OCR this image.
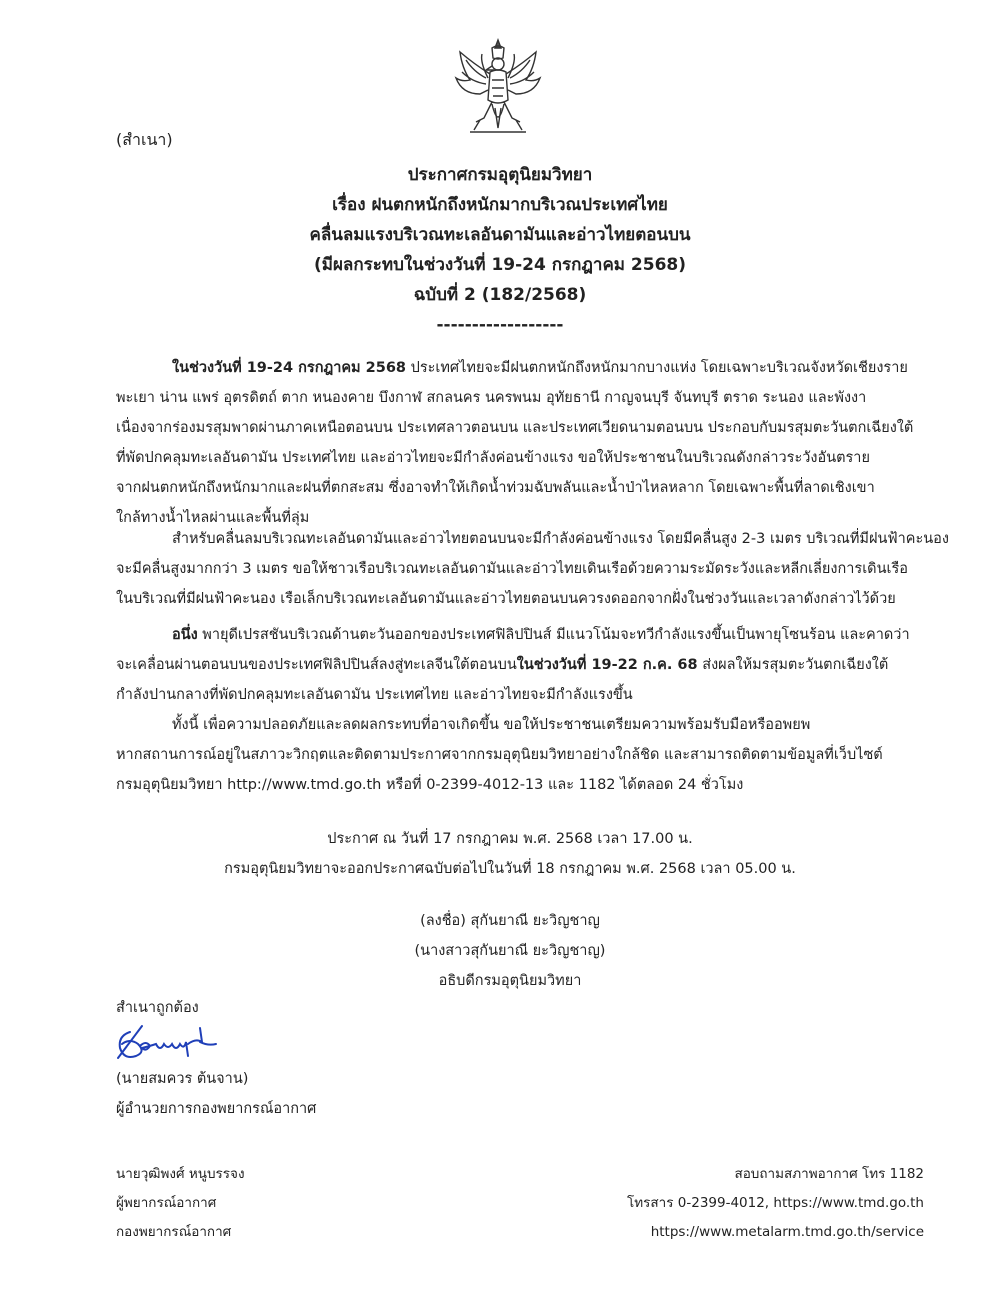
(สำเนา)
ประกาศกรมอุตุนิยมวิทยา
เรื่อง ฝนตกหนักถึงหนักมากบริเวณประเทศไทย
คลื่นลมแรงบริเวณทะเลอันดามันและอ่าวไทยตอนบน
(มีผลกระทบในช่วงวันที่ 19-24 กรกฎาคม 2568)
ฉบับที่ 2 (182/2568)
------------------
ในช่วงวันที่ 19-24 กรกฎาคม 2568 ประเทศไทยจะมีฝนตกหนักถึงหนักมากบางแห่ง โดยเฉพาะบริเวณจังหวัดเชียงราย
พะเยา น่าน แพร่ อุตรดิตถ์ ตาก หนองคาย บึงกาฬ สกลนคร นครพนม อุทัยธานี กาญจนบุรี จันทบุรี ตราด ระนอง และพังงา
เนื่องจากร่องมรสุมพาดผ่านภาคเหนือตอนบน ประเทศลาวตอนบน และประเทศเวียดนามตอนบน ประกอบกับมรสุมตะวันตกเฉียงใต้
ที่พัดปกคลุมทะเลอันดามัน ประเทศไทย และอ่าวไทยจะมีกำลังค่อนข้างแรง ขอให้ประชาชนในบริเวณดังกล่าวระวังอันตราย
จากฝนตกหนักถึงหนักมากและฝนที่ตกสะสม ซึ่งอาจทำให้เกิดน้ำท่วมฉับพลันและน้ำป่าไหลหลาก โดยเฉพาะพื้นที่ลาดเชิงเขา
ใกล้ทางน้ำไหลผ่านและพื้นที่ลุ่ม
สำหรับคลื่นลมบริเวณทะเลอันดามันและอ่าวไทยตอนบนจะมีกำลังค่อนข้างแรง โดยมีคลื่นสูง 2-3 เมตร บริเวณที่มีฝนฟ้าคะนอง
จะมีคลื่นสูงมากกว่า 3 เมตร ขอให้ชาวเรือบริเวณทะเลอันดามันและอ่าวไทยเดินเรือด้วยความระมัดระวังและหลีกเลี่ยงการเดินเรือ
ในบริเวณที่มีฝนฟ้าคะนอง เรือเล็กบริเวณทะเลอันดามันและอ่าวไทยตอนบนควรงดออกจากฝั่งในช่วงวันและเวลาดังกล่าวไว้ด้วย
อนึ่ง พายุดีเปรสชันบริเวณด้านตะวันออกของประเทศฟิลิปปินส์ มีแนวโน้มจะทวีกำลังแรงขึ้นเป็นพายุโซนร้อน และคาดว่า
จะเคลื่อนผ่านตอนบนของประเทศฟิลิปปินส์ลงสู่ทะเลจีนใต้ตอนบนในช่วงวันที่ 19-22 ก.ค. 68 ส่งผลให้มรสุมตะวันตกเฉียงใต้
กำลังปานกลางที่พัดปกคลุมทะเลอันดามัน ประเทศไทย และอ่าวไทยจะมีกำลังแรงขึ้น
ทั้งนี้ เพื่อความปลอดภัยและลดผลกระทบที่อาจเกิดขึ้น ขอให้ประชาชนเตรียมความพร้อมรับมือหรืออพยพ
หากสถานการณ์อยู่ในสภาวะวิกฤตและติดตามประกาศจากกรมอุตุนิยมวิทยาอย่างใกล้ชิด และสามารถติดตามข้อมูลที่เว็บไซต์
กรมอุตุนิยมวิทยา http://www.tmd.go.th หรือที่ 0-2399-4012-13 และ 1182 ได้ตลอด 24 ชั่วโมง
ประกาศ ณ วันที่ 17 กรกฎาคม พ.ศ. 2568 เวลา 17.00 น.
กรมอุตุนิยมวิทยาจะออกประกาศฉบับต่อไปในวันที่ 18 กรกฎาคม พ.ศ. 2568 เวลา 05.00 น.
(ลงชื่อ) สุกันยาณี ยะวิญชาญ
(นางสาวสุกันยาณี ยะวิญชาญ)
อธิบดีกรมอุตุนิยมวิทยา
สำเนาถูกต้อง
(นายสมควร ต้นจาน)
ผู้อำนวยการกองพยากรณ์อากาศ
นายวุฒิพงศ์ หนูบรรจง
ผู้พยากรณ์อากาศ
กองพยากรณ์อากาศ
สอบถามสภาพอากาศ โทร 1182
โทรสาร 0-2399-4012, https://www.tmd.go.th
https://www.metalarm.tmd.go.th/service
